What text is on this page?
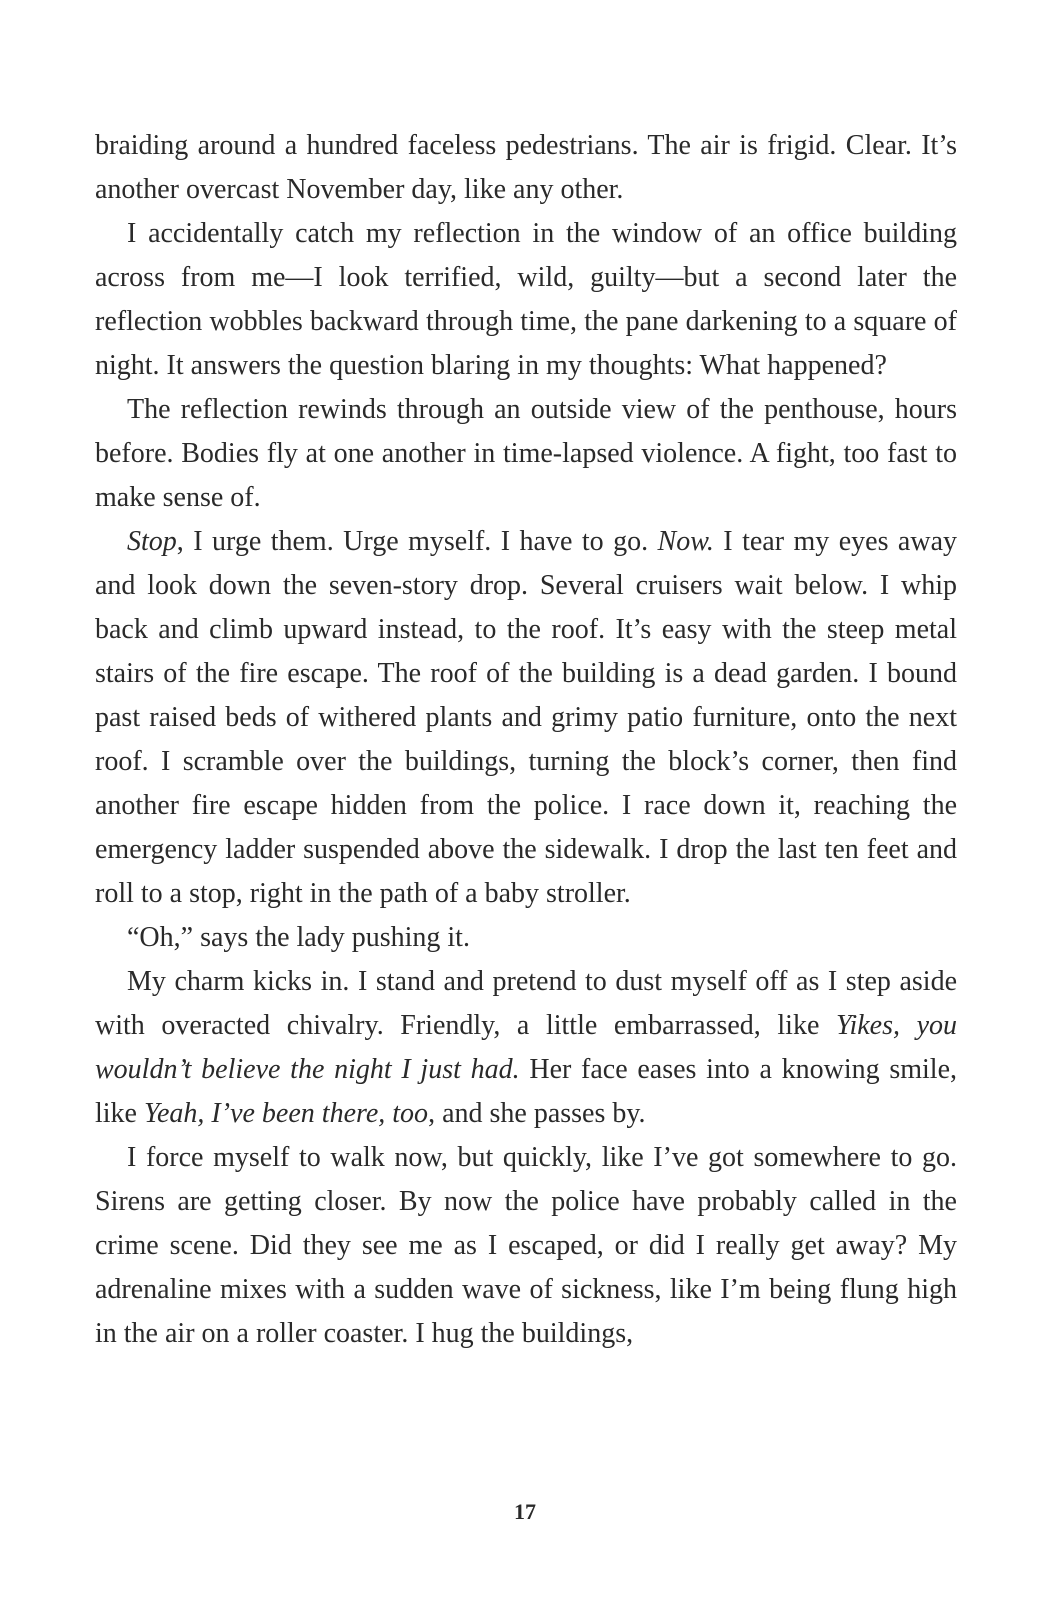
braiding around a hundred faceless pedestrians. The air is frigid. Clear. It’s another overcast November day, like any other.

I accidentally catch my reflection in the window of an office building across from me—I look terrified, wild, guilty—but a second later the reflection wobbles backward through time, the pane darkening to a square of night. It answers the question blaring in my thoughts: What happened?

The reflection rewinds through an outside view of the penthouse, hours before. Bodies fly at one another in time-lapsed violence. A fight, too fast to make sense of.

Stop, I urge them. Urge myself. I have to go. Now. I tear my eyes away and look down the seven-story drop. Several cruisers wait below. I whip back and climb upward instead, to the roof. It’s easy with the steep metal stairs of the fire escape. The roof of the building is a dead garden. I bound past raised beds of withered plants and grimy patio furniture, onto the next roof. I scramble over the buildings, turning the block’s corner, then find another fire escape hidden from the police. I race down it, reaching the emergency ladder suspended above the sidewalk. I drop the last ten feet and roll to a stop, right in the path of a baby stroller.

“Oh,” says the lady pushing it.

My charm kicks in. I stand and pretend to dust myself off as I step aside with overacted chivalry. Friendly, a little embarrassed, like Yikes, you wouldn’t believe the night I just had. Her face eases into a knowing smile, like Yeah, I’ve been there, too, and she passes by.

I force myself to walk now, but quickly, like I’ve got somewhere to go. Sirens are getting closer. By now the police have probably called in the crime scene. Did they see me as I escaped, or did I really get away? My adrenaline mixes with a sudden wave of sickness, like I’m being flung high in the air on a roller coaster. I hug the buildings,

17
